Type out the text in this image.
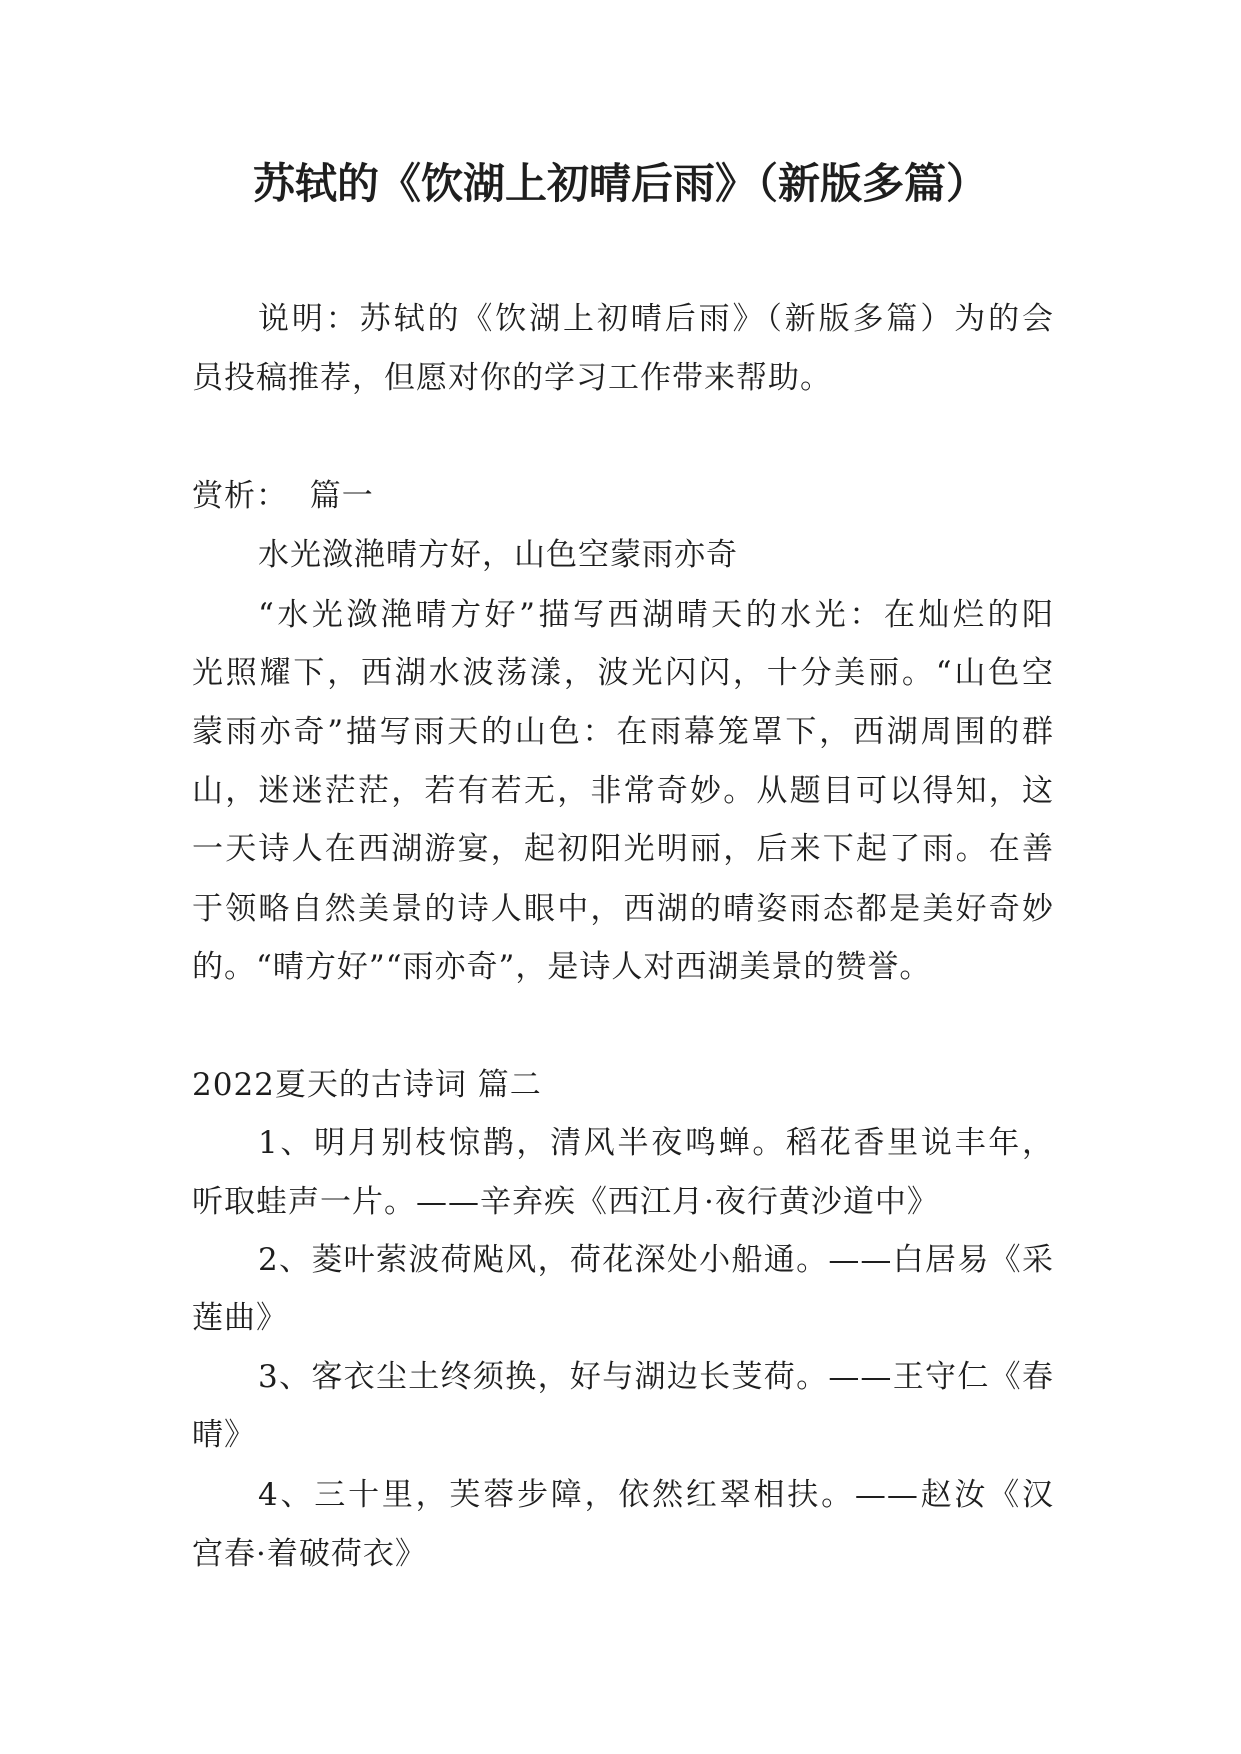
苏轼的《饮湖上初晴后雨》（新版多篇）
说明：苏轼的《饮湖上初晴后雨》（新版多篇）为的会
员投稿推荐，但愿对你的学习工作带来帮助。
赏析：  篇一
水光潋滟晴方好，山色空蒙雨亦奇
“水光潋滟晴方好”描写西湖晴天的水光：在灿烂的阳
光照耀下，西湖水波荡漾，波光闪闪，十分美丽。“山色空
蒙雨亦奇”描写雨天的山色：在雨幕笼罩下，西湖周围的群
山，迷迷茫茫，若有若无，非常奇妙。从题目可以得知，这
一天诗人在西湖游宴，起初阳光明丽，后来下起了雨。在善
于领略自然美景的诗人眼中，西湖的晴姿雨态都是美好奇妙
的。“晴方好”“雨亦奇”，是诗人对西湖美景的赞誉。
2022夏天的古诗词 篇二
1、明月别枝惊鹊，清风半夜鸣蝉。稻花香里说丰年，
听取蛙声一片。——辛弃疾《西江月·夜行黄沙道中》
2、菱叶萦波荷飐风，荷花深处小船通。——白居易《采
莲曲》
3、客衣尘土终须换，好与湖边长芰荷。——王守仁《春
晴》
4、三十里，芙蓉步障，依然红翠相扶。——赵汝《汉
宫春·着破荷衣》
